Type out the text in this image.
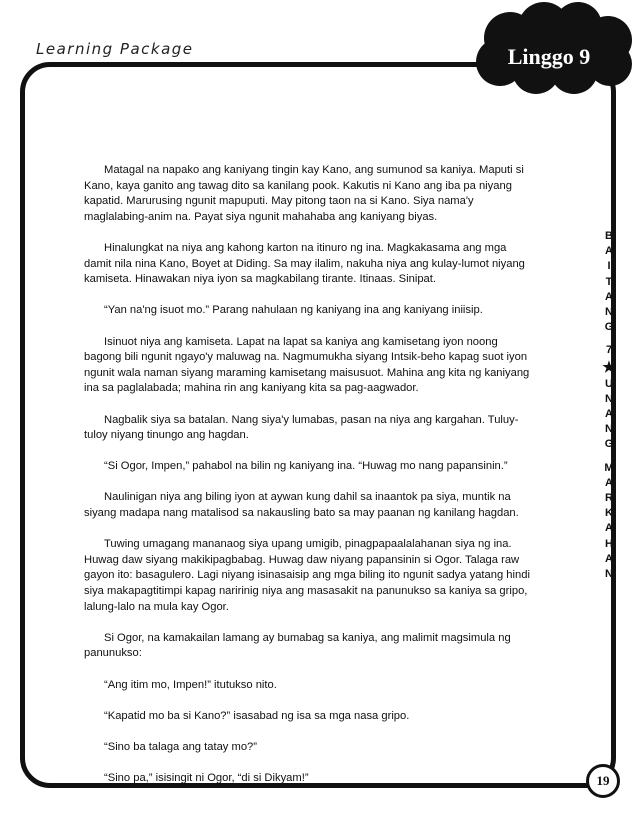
Learning Package	Linggo 9
B
A
I
T
A
N
G
7
★
U
N
A
N
G
M
A
R
K
A
H
A
N

Matagal na napako ang kaniyang tingin kay Kano, ang sumunod sa kaniya. Maputi si Kano, kaya ganito ang tawag dito sa kanilang pook. Kakutis ni Kano ang iba pa niyang kapatid. Marurusing ngunit mapuputi. May pitong taon na si Kano. Siya nama'y maglalabing-anim na. Payat siya ngunit mahahaba ang kaniyang biyas.

Hinalungkat na niya ang kahong karton na itinuro ng ina. Magkakasama ang mga damit nila nina Kano, Boyet at Diding. Sa may ilalim, nakuha niya ang kulay-lumot niyang kamiseta. Hinawakan niya iyon sa magkabilang tirante. Itinaas. Sinipat.

“Yan na'ng isuot mo.” Parang nahulaan ng kaniyang ina ang kaniyang iniisip.

Isinuot niya ang kamiseta. Lapat na lapat sa kaniya ang kamisetang iyon noong bagong bili ngunit ngayo'y maluwag na. Nagmumukha siyang Intsik-beho kapag suot iyon ngunit wala naman siyang maraming kamisetang maisusuot. Mahina ang kita ng kaniyang ina sa paglalabada; mahina rin ang kaniyang kita sa pag-aagwador.

Nagbalik siya sa batalan. Nang siya'y lumabas, pasan na niya ang kargahan. Tuluy-tuloy niyang tinungo ang hagdan.

“Si Ogor, Impen,” pahabol na bilin ng kaniyang ina. “Huwag mo nang papansinin.”

Naulinigan niya ang biling iyon at aywan kung dahil sa inaantok pa siya, muntik na siyang madapa nang matalisod sa nakausling bato sa may paanan ng kanilang hagdan.

Tuwing umagang mananaog siya upang umigib, pinagpapaalalahanan siya ng ina. Huwag daw siyang makikipagbabag. Huwag daw niyang papansinin si Ogor. Talaga raw gayon ito: basagulero. Lagi niyang isinasaisip ang mga biling ito ngunit sadya yatang hindi siya makapagtitimpi kapag naririnig niya ang masasakit na panunukso sa kaniya sa gripo, lalung-lalo na mula kay Ogor.

Si Ogor, na kamakailan lamang ay bumabag sa kaniya, ang malimit magsimula ng panunukso:

“Ang itim mo, Impen!” itutukso nito.

“Kapatid mo ba si Kano?” isasabad ng isa sa mga nasa gripo.

“Sino ba talaga ang tatay mo?”

“Sino pa,” isisingit ni Ogor, “di si Dikyam!”	19
